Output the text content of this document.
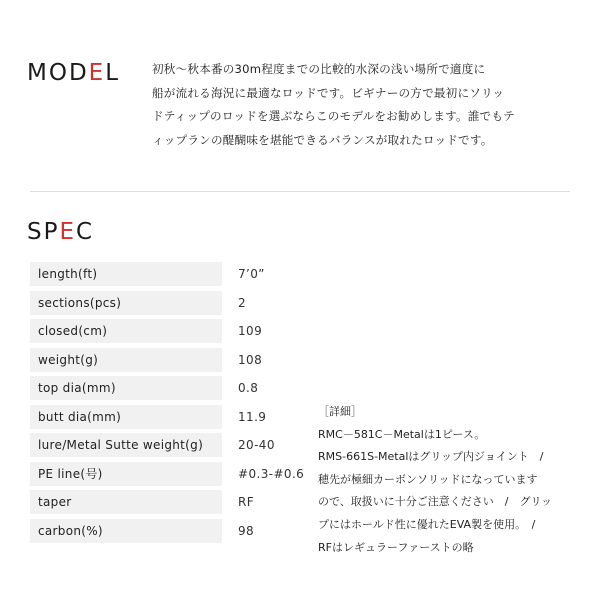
MODEL	初秋～秋本番の30m程度までの比較的水深の浅い場所で適度に
船が流れる海況に最適なロッドです。ビギナーの方で最初にソリッ
ドティップのロッドを選ぶならこのモデルをお勧めします。誰でもテ
ィップランの醍醐味を堪能できるバランスが取れたロッドです。
SPEC
length(ft)	7’0”
sections(pcs)	2
closed(cm)	109
weight(g)	108
top dia(mm)	0.8
butt dia(mm)	11.9
lure/Metal Sutte weight(g)	20-40
PE line(号)	#0.3-#0.6
taper	RF
carbon(%)	98
［詳細］
RMC－581C－Metalは1ピース。
RMS-661S-Metalはグリップ内ジョイント　/
穂先が極細カーボンソリッドになっています
ので、取扱いに十分ご注意ください　/　グリッ
プにはホールド性に優れたEVA製を使用。　/
RFはレギュラーファーストの略
